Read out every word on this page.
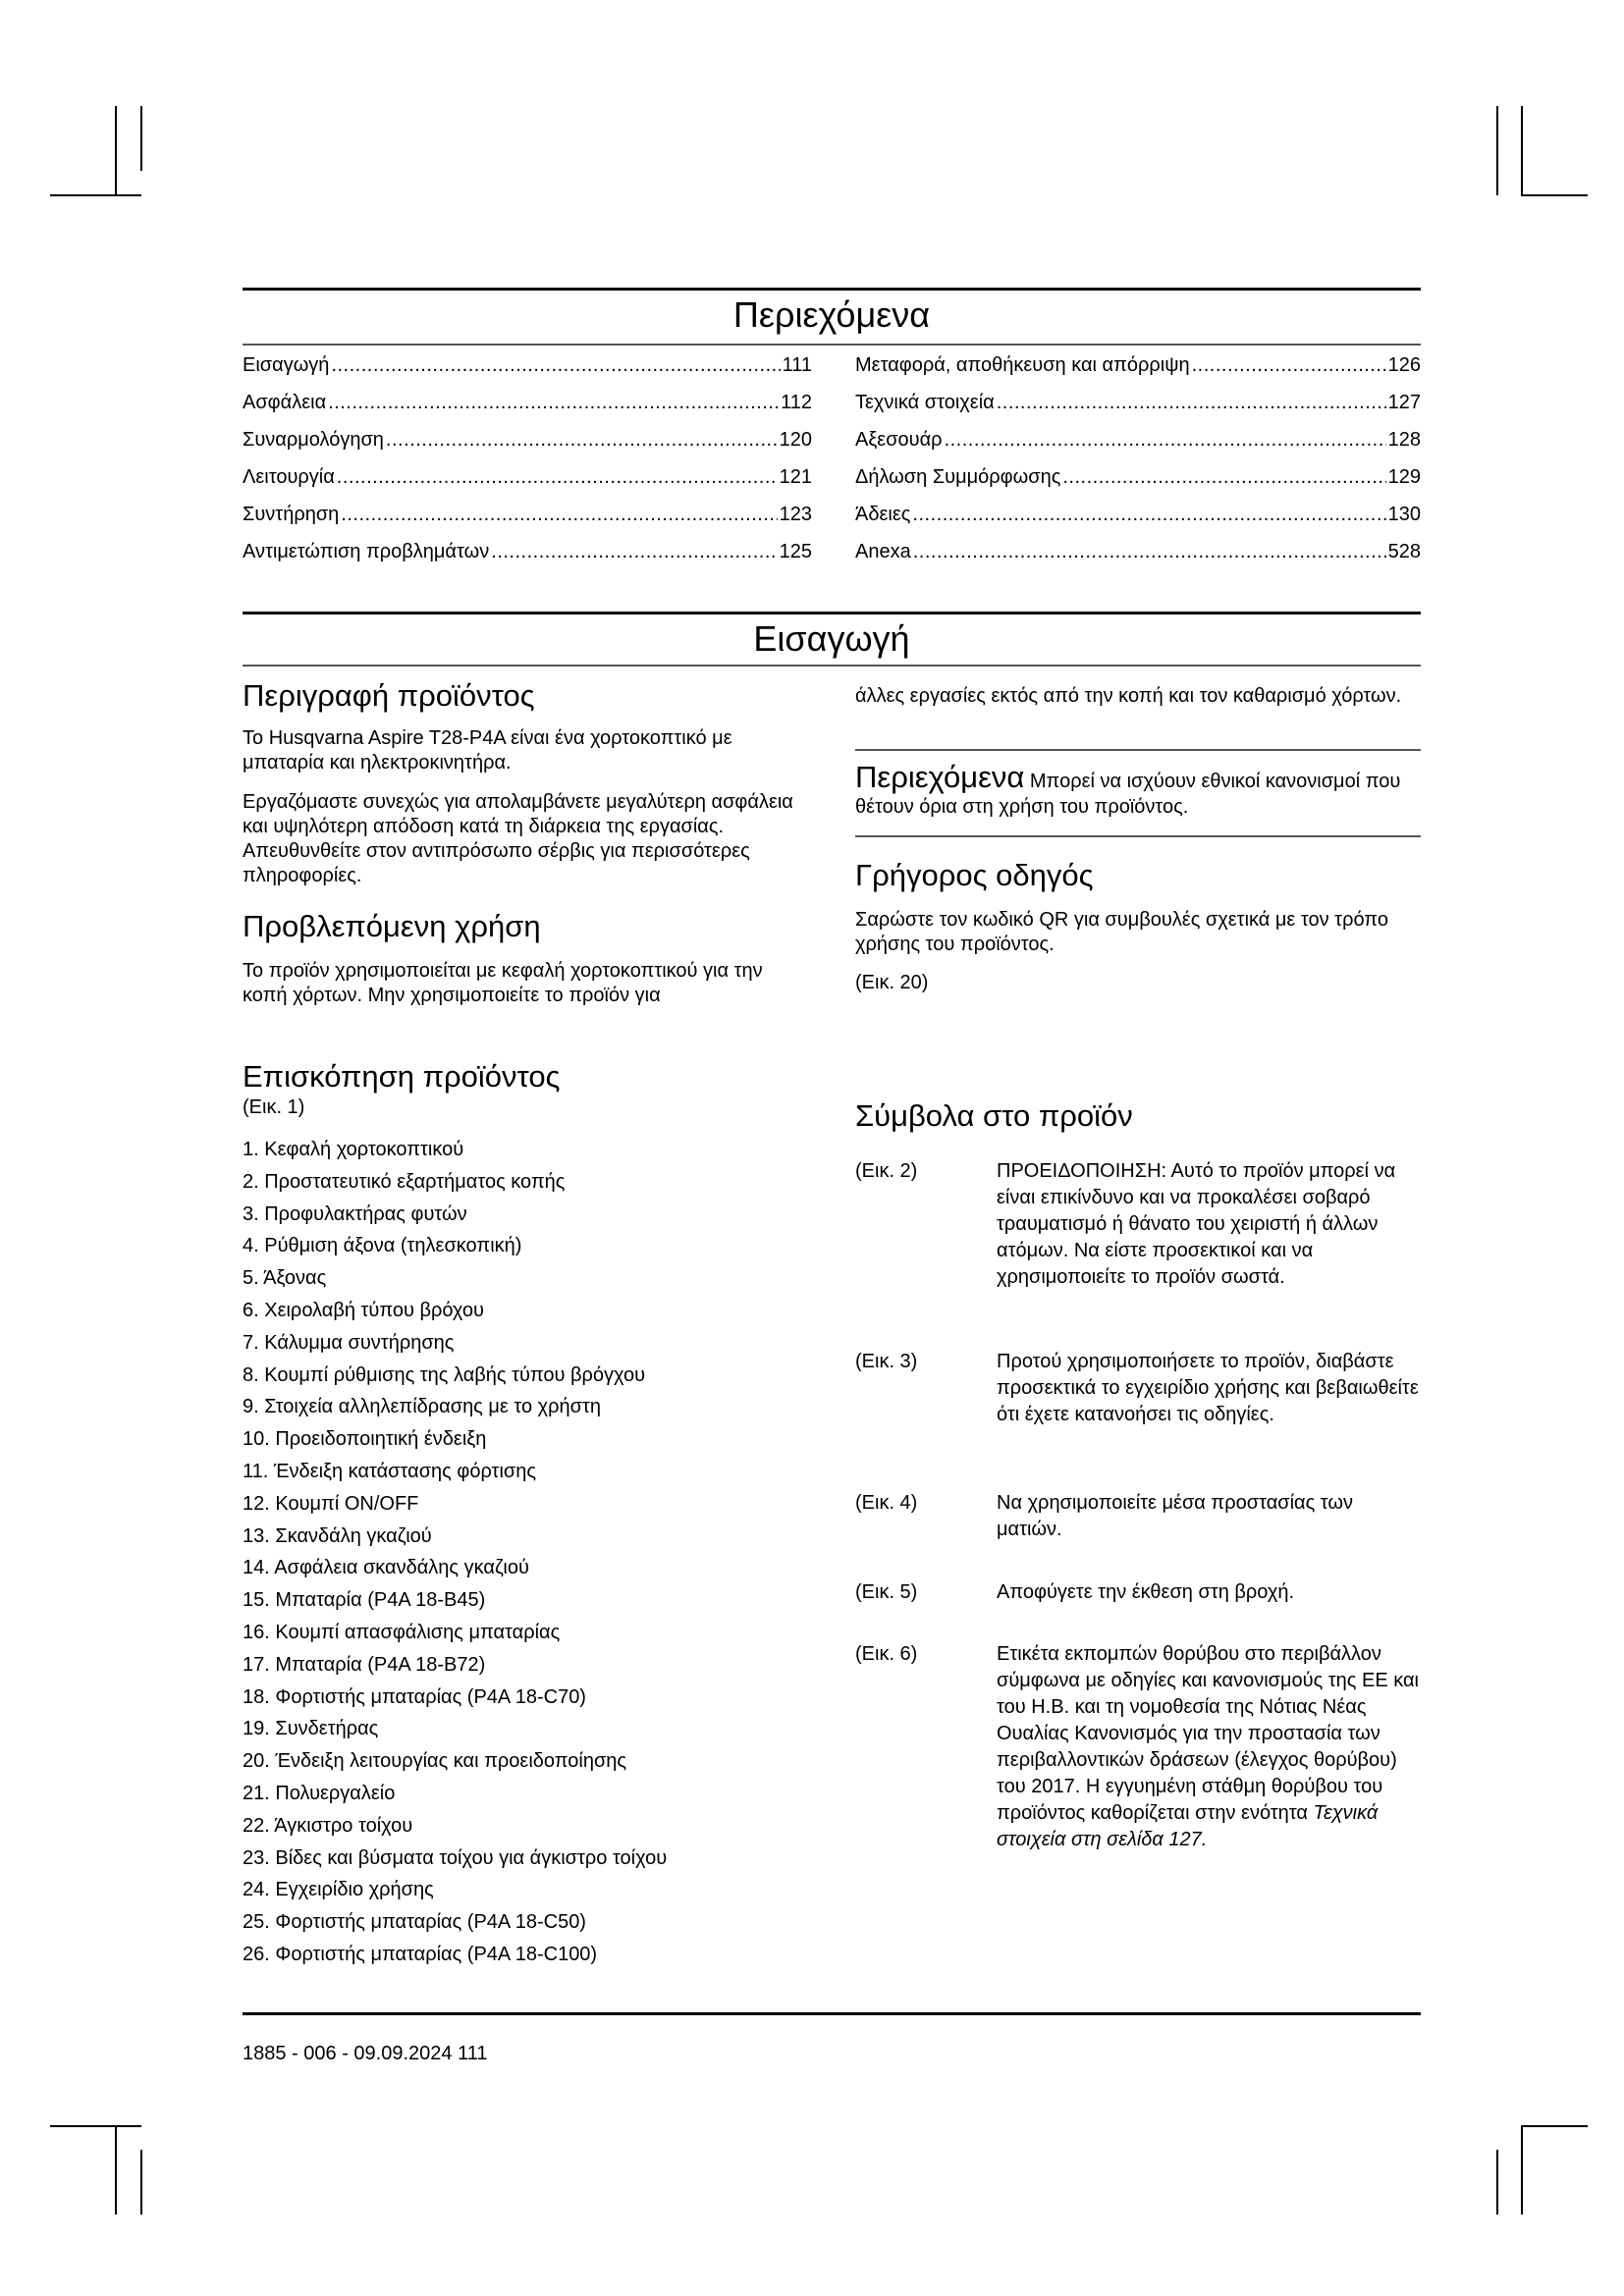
Περιεχόμενα
Εισαγωγή .....	111
Ασφάλεια .....	112
Συναρμολόγηση .....	120
Λειτουργία .....	121
Συντήρηση .....	123
Αντιμετώπιση προβλημάτων .....	125
Μεταφορά, αποθήκευση και απόρριψη .....	126
Τεχνικά στοιχεία .....	127
Αξεσουάρ .....	128
Δήλωση Συμμόρφωσης .....	129
Άδειες .....	130
Anexa .....	528
Εισαγωγή
Περιγραφή προϊόντος

Το Husqvarna Aspire T28-P4A είναι ένα χορτοκοπτικό με μπαταρία και ηλεκτροκινητήρα.

Εργαζόμαστε συνεχώς για απολαμβάνετε μεγαλύτερη ασφάλεια και υψηλότερη απόδοση κατά τη διάρκεια της εργασίας. Απευθυνθείτε στον αντιπρόσωπο σέρβις για περισσότερες πληροφορίες.

Προβλεπόμενη χρήση

Το προϊόν χρησιμοποιείται με κεφαλή χορτοκοπτικού για την κοπή χόρτων. Μην χρησιμοποιείτε το προϊόν για

άλλες εργασίες εκτός από την κοπή και τον καθαρισμό χόρτων.

Περιεχόμενα Μπορεί να ισχύουν εθνικοί κανονισμοί που θέτουν όρια στη χρήση του προϊόντος.

Γρήγορος οδηγός

Σαρώστε τον κωδικό QR για συμβουλές σχετικά με τον τρόπο χρήσης του προϊόντος.

(Εικ. 20)

Επισκόπηση προϊόντος

(Εικ. 1)

1. Κεφαλή χορτοκοπτικού
2. Προστατευτικό εξαρτήματος κοπής
3. Προφυλακτήρας φυτών
4. Ρύθμιση άξονα (τηλεσκοπική)
5. Άξονας
6. Χειρολαβή τύπου βρόχου
7. Κάλυμμα συντήρησης
8. Κουμπί ρύθμισης της λαβής τύπου βρόγχου
9. Στοιχεία αλληλεπίδρασης με το χρήστη
10. Προειδοποιητική ένδειξη
11. Ένδειξη κατάστασης φόρτισης
12. Κουμπί ON/OFF
13. Σκανδάλη γκαζιού
14. Ασφάλεια σκανδάλης γκαζιού
15. Μπαταρία (P4A 18-B45)
16. Κουμπί απασφάλισης μπαταρίας
17. Μπαταρία (P4A 18-B72)
18. Φορτιστής μπαταρίας (P4A 18-C70)
19. Συνδετήρας
20. Ένδειξη λειτουργίας και προειδοποίησης
21. Πολυεργαλείο
22. Άγκιστρο τοίχου
23. Βίδες και βύσματα τοίχου για άγκιστρο τοίχου
24. Εγχειρίδιο χρήσης
25. Φορτιστής μπαταρίας (P4A 18-C50)
26. Φορτιστής μπαταρίας (P4A 18-C100)
Σύμβολα στο προϊόν
(Εικ. 2)	ΠΡΟΕΙΔΟΠΟΙΗΣΗ: Αυτό το προϊόν μπορεί να είναι επικίνδυνο και να προκαλέσει σοβαρό τραυματισμό ή θάνατο του χειριστή ή άλλων ατόμων. Να είστε προσεκτικοί και να χρησιμοποιείτε το προϊόν σωστά.
(Εικ. 3)	Προτού χρησιμοποιήσετε το προϊόν, διαβάστε προσεκτικά το εγχειρίδιο χρήσης και βεβαιωθείτε ότι έχετε κατανοήσει τις οδηγίες.
(Εικ. 4)	Να χρησιμοποιείτε μέσα προστασίας των ματιών.
(Εικ. 5)	Αποφύγετε την έκθεση στη βροχή.
(Εικ. 6)	Ετικέτα εκπομπών θορύβου στο περιβάλλον σύμφωνα με οδηγίες και κανονισμούς της ΕΕ και του Η.Β. και τη νομοθεσία της Νότιας Νέας Ουαλίας Κανονισμός για την προστασία των περιβαλλοντικών δράσεων (έλεγχος θορύβου) του 2017. Η εγγυημένη στάθμη θορύβου του προϊόντος καθορίζεται στην ενότητα Τεχνικά στοιχεία στη σελίδα 127.
1885 - 006 - 09.09.2024 111
